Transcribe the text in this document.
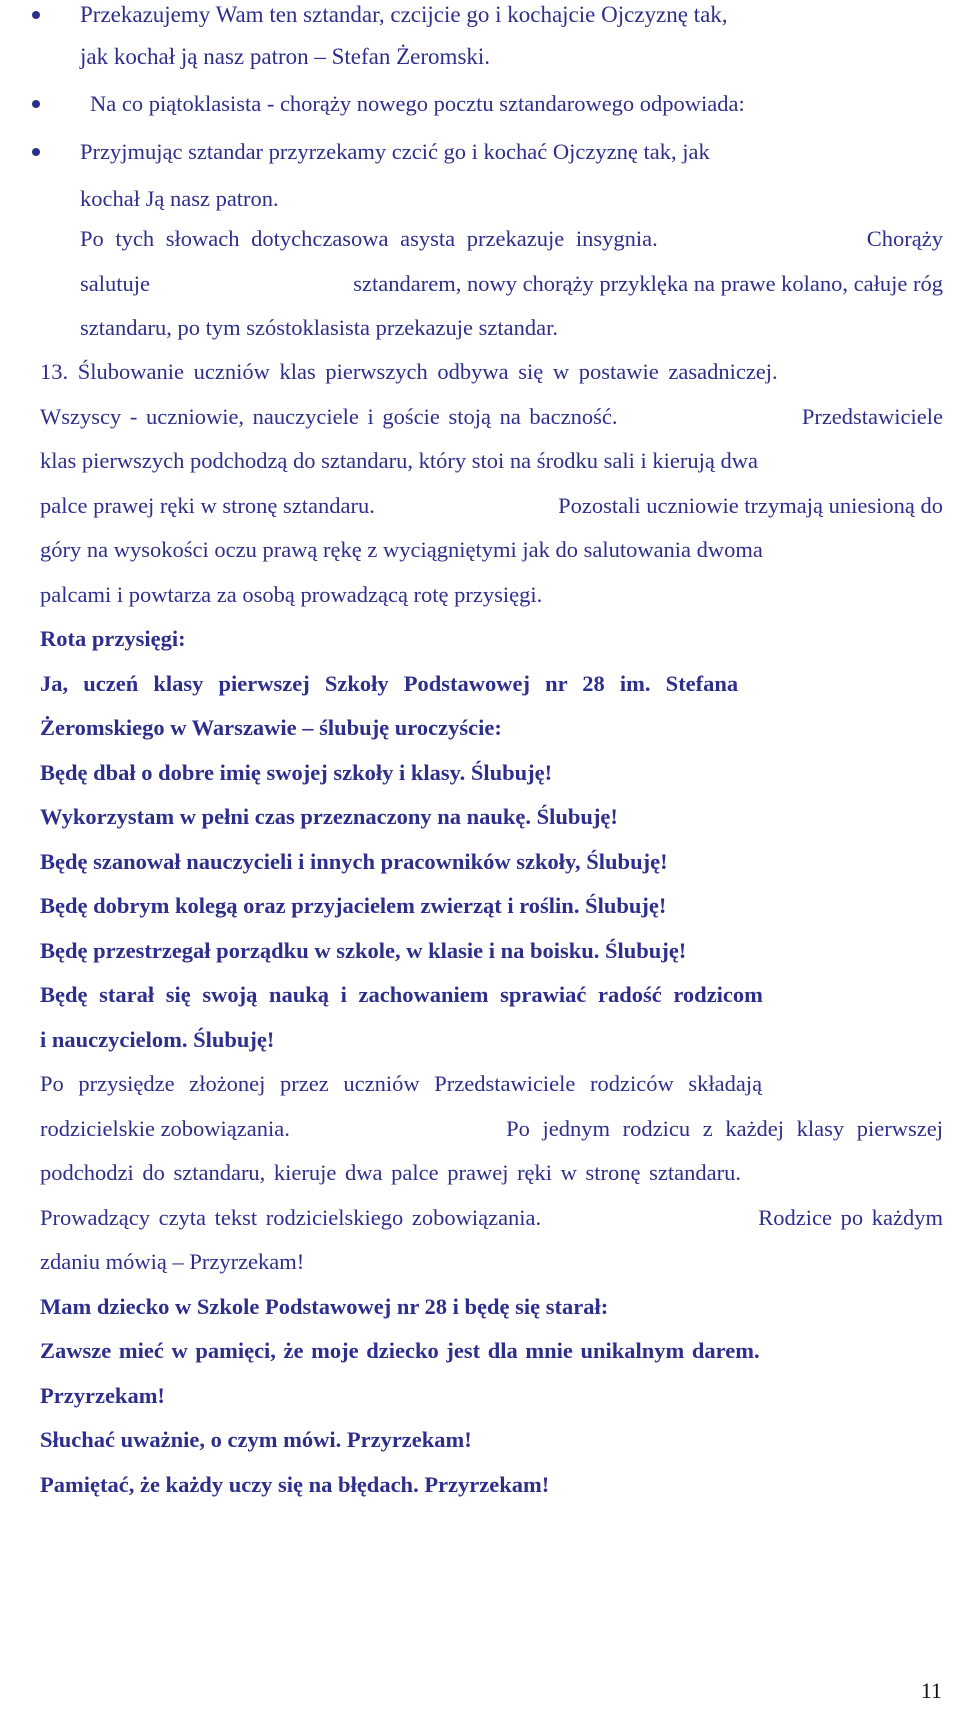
Przekazujemy Wam ten sztandar, czcijcie go i kochajcie Ojczyznę tak,
jak kochał ją nasz patron – Stefan Żeromski.
Na co piątoklasista - chorąży nowego pocztu sztandarowego odpowiada:
Przyjmując sztandar przyrzekamy czcić go i kochać Ojczyznę tak, jak
kochał Ją nasz patron.
Po tych słowach dotychczasowa asysta przekazuje insygnia.	Chorąży
salutuje	sztandarem, nowy chorąży przyklęka na prawe kolano, całuje róg
sztandaru, po tym szóstoklasista przekazuje sztandar.
13. Ślubowanie uczniów klas pierwszych odbywa się w postawie zasadniczej.
Wszyscy - uczniowie, nauczyciele i goście stoją na baczność.	Przedstawiciele
klas pierwszych podchodzą do sztandaru, który stoi na środku sali i kierują dwa
palce prawej ręki w stronę sztandaru.	Pozostali uczniowie trzymają uniesioną do
góry na wysokości oczu prawą rękę z wyciągniętymi jak do salutowania dwoma
palcami i powtarza za osobą prowadzącą rotę przysięgi.
Rota przysięgi:
Ja, uczeń klasy pierwszej Szkoły Podstawowej nr 28 im. Stefana
Żeromskiego w Warszawie – ślubuję uroczyście:
Będę dbał o dobre imię swojej szkoły i klasy. Ślubuję!
Wykorzystam w pełni czas przeznaczony na naukę. Ślubuję!
Będę szanował nauczycieli i innych pracowników szkoły, Ślubuję!
Będę dobrym kolegą oraz przyjacielem zwierząt i roślin. Ślubuję!
Będę przestrzegał porządku w szkole, w klasie i na boisku. Ślubuję!
Będę starał się swoją nauką i zachowaniem sprawiać radość rodzicom
i nauczycielom. Ślubuję!
Po przysiędze złożonej przez uczniów Przedstawiciele rodziców składają
rodzicielskie zobowiązania.	Po jednym rodzicu z każdej klasy pierwszej
podchodzi do sztandaru, kieruje dwa palce prawej ręki w stronę sztandaru.
Prowadzący czyta tekst rodzicielskiego zobowiązania.	Rodzice po każdym
zdaniu mówią – Przyrzekam!
Mam dziecko w Szkole Podstawowej nr 28 i będę się starał:
Zawsze mieć w pamięci, że moje dziecko jest dla mnie unikalnym darem.
Przyrzekam!
Słuchać uważnie, o czym mówi. Przyrzekam!
Pamiętać, że każdy uczy się na błędach. Przyrzekam!
11
